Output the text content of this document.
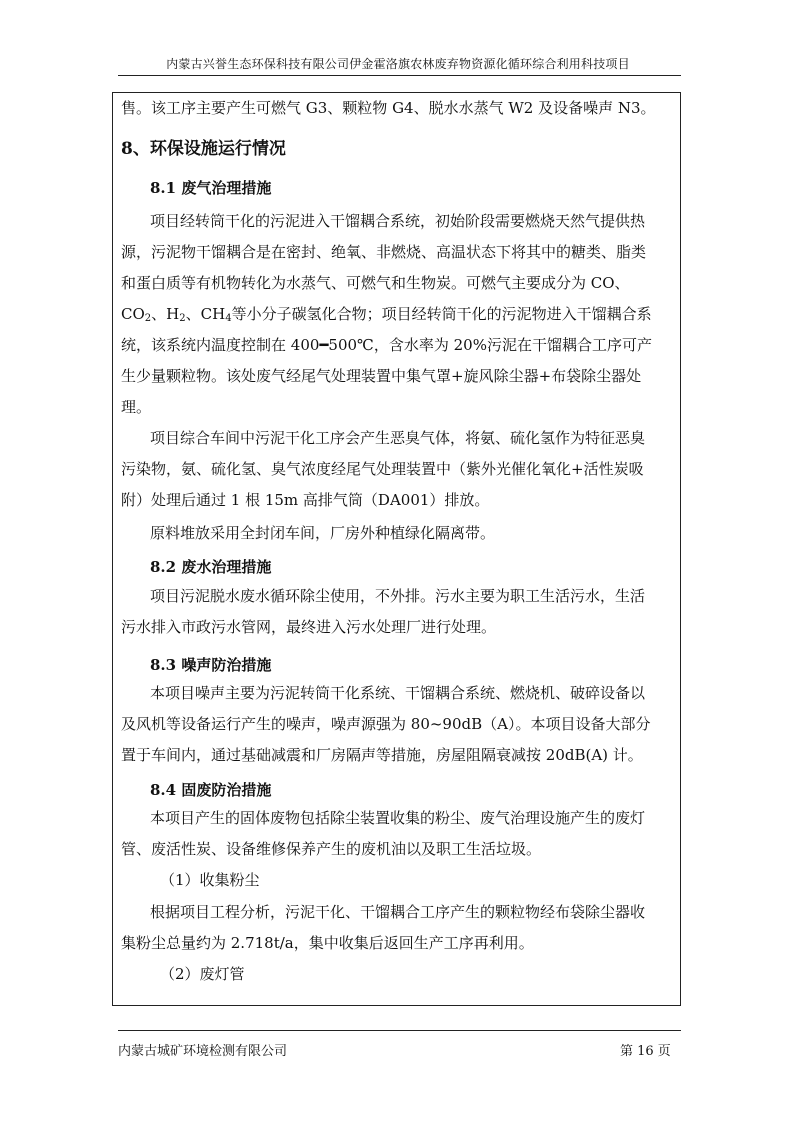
内蒙古兴誉生态环保科技有限公司伊金霍洛旗农林废弃物资源化循环综合利用科技项目
售。该工序主要产生可燃气 G3、颗粒物 G4、脱水水蒸气 W2 及设备噪声 N3。
8、环保设施运行情况
8.1 废气治理措施
项目经转筒干化的污泥进入干馏耦合系统，初始阶段需要燃烧天然气提供热
源，污泥物干馏耦合是在密封、绝氧、非燃烧、高温状态下将其中的糖类、脂类
和蛋白质等有机物转化为水蒸气、可燃气和生物炭。可燃气主要成分为 CO、
$CO_2$、$H_2$、$CH_4$等小分子碳氢化合物；项目经转筒干化的污泥物进入干馏耦合系
统，该系统内温度控制在 400━500℃，含水率为 20%污泥在干馏耦合工序可产
生少量颗粒物。该处废气经尾气处理装置中集气罩+旋风除尘器+布袋除尘器处
理。
项目综合车间中污泥干化工序会产生恶臭气体，将氨、硫化氢作为特征恶臭
污染物，氨、硫化氢、臭气浓度经尾气处理装置中（紫外光催化氧化+活性炭吸
附）处理后通过 1 根 15m 高排气筒（DA001）排放。
原料堆放采用全封闭车间，厂房外种植绿化隔离带。
8.2 废水治理措施
项目污泥脱水废水循环除尘使用，不外排。污水主要为职工生活污水，生活
污水排入市政污水管网，最终进入污水处理厂进行处理。
8.3 噪声防治措施
本项目噪声主要为污泥转筒干化系统、干馏耦合系统、燃烧机、破碎设备以
及风机等设备运行产生的噪声，噪声源强为 80~90dB（A）。本项目设备大部分
置于车间内，通过基础减震和厂房隔声等措施，房屋阻隔衰减按 20dB(A) 计。
8.4 固废防治措施
本项目产生的固体废物包括除尘装置收集的粉尘、废气治理设施产生的废灯
管、废活性炭、设备维修保养产生的废机油以及职工生活垃圾。
（1）收集粉尘
根据项目工程分析，污泥干化、干馏耦合工序产生的颗粒物经布袋除尘器收
集粉尘总量约为 2.718t/a，集中收集后返回生产工序再利用。
（2）废灯管
内蒙古城矿环境检测有限公司	第 16 页
